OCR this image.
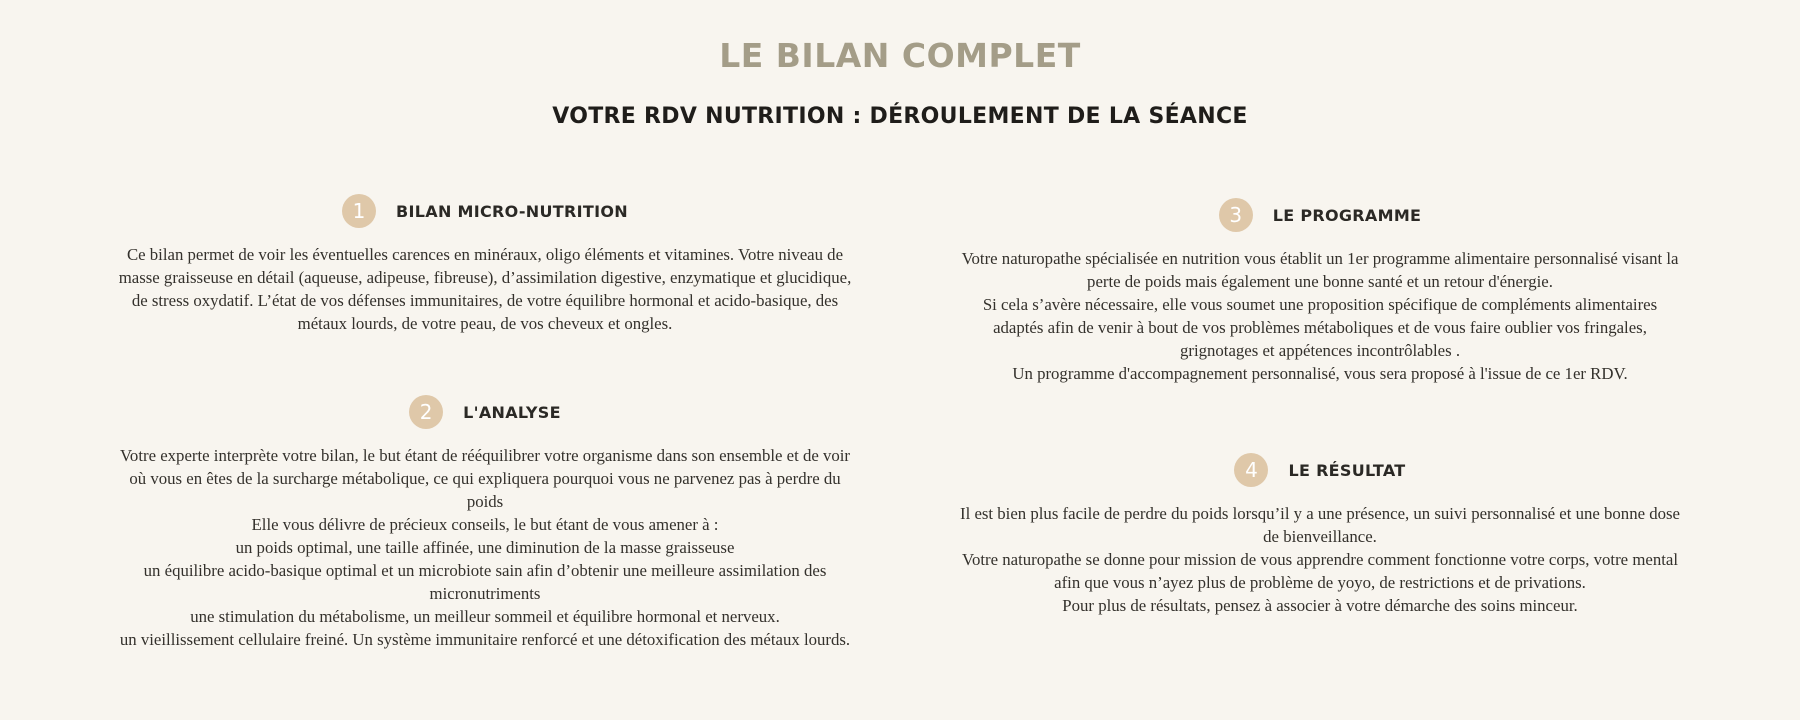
LE BILAN COMPLET
VOTRE RDV NUTRITION : DÉROULEMENT DE LA SÉANCE
1	BILAN MICRO-NUTRITION

Ce bilan permet de voir les éventuelles carences en minéraux, oligo éléments et vitamines. Votre niveau de masse graisseuse en détail (aqueuse, adipeuse, fibreuse), d’assimilation digestive, enzymatique et glucidique, de stress oxydatif. L’état de vos défenses immunitaires, de votre équilibre hormonal et acido-basique, des métaux lourds, de votre peau, de vos cheveux et ongles.

2	L'ANALYSE

Votre experte interprète votre bilan, le but étant de rééquilibrer votre organisme dans son ensemble et de voir où vous en êtes de la surcharge métabolique, ce qui expliquera pourquoi vous ne parvenez pas à perdre du poids

Elle vous délivre de précieux conseils, le but étant de vous amener à :

un poids optimal, une taille affinée, une diminution de la masse graisseuse

un équilibre acido-basique optimal et un microbiote sain afin d’obtenir une meilleure assimilation des micronutriments

une stimulation du métabolisme, un meilleur sommeil et équilibre hormonal et nerveux.

un vieillissement cellulaire freiné. Un système immunitaire renforcé et une détoxification des métaux lourds.

3	LE PROGRAMME

Votre naturopathe spécialisée en nutrition vous établit un 1er programme alimentaire personnalisé visant la perte de poids mais également une bonne santé et un retour d'énergie.

Si cela s’avère nécessaire, elle vous soumet une proposition spécifique de compléments alimentaires adaptés afin de venir à bout de vos problèmes métaboliques et de vous faire oublier vos fringales, grignotages et appétences incontrôlables .

Un programme d'accompagnement personnalisé, vous sera proposé à l'issue de ce 1er RDV.

4	LE RÉSULTAT

Il est bien plus facile de perdre du poids lorsqu’il y a une présence, un suivi personnalisé et une bonne dose de bienveillance.

Votre naturopathe se donne pour mission de vous apprendre comment fonctionne votre corps, votre mental afin que vous n’ayez plus de problème de yoyo, de restrictions et de privations.

Pour plus de résultats, pensez à associer à votre démarche des soins minceur.
